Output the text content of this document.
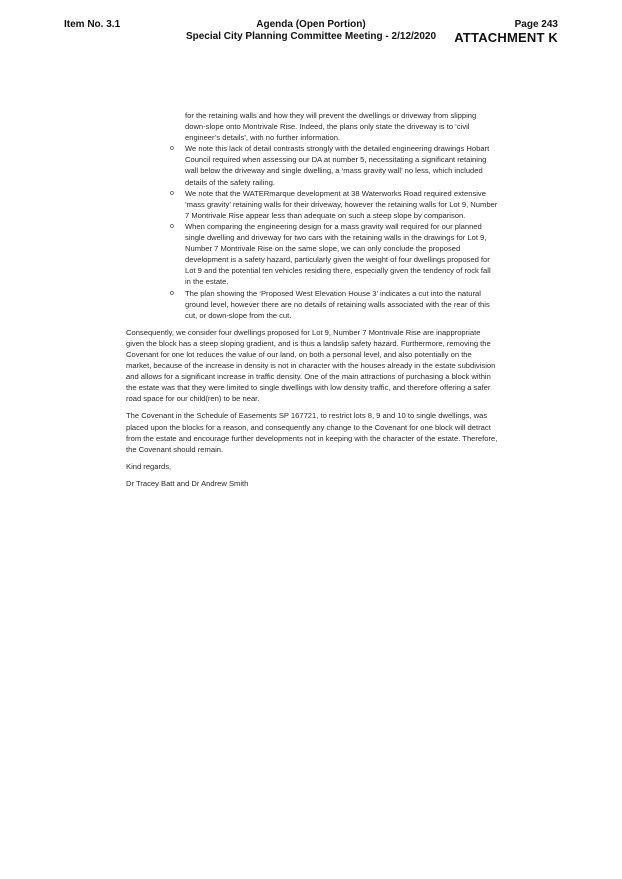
Item No. 3.1	Agenda (Open Portion)
Special City Planning Committee Meeting - 2/12/2020
Page 243
ATTACHMENT K

for the retaining walls and how they will prevent the dwellings or driveway from slipping down-slope onto Montrivale Rise. Indeed, the plans only state the driveway is to ‘civil engineer’s details’, with no further information.

o We note this lack of detail contrasts strongly with the detailed engineering drawings Hobart Council required when assessing our DA at number 5, necessitating a significant retaining wall below the driveway and single dwelling, a ‘mass gravity wall’ no less, which included details of the safety railing.
o We note that the WATERmarque development at 38 Waterworks Road required extensive ‘mass gravity’ retaining walls for their driveway, however the retaining walls for Lot 9, Number 7 Montrivale Rise appear less than adequate on such a steep slope by comparison.
o When comparing the engineering design for a mass gravity wall required for our planned single dwelling and driveway for two cars with the retaining walls in the drawings for Lot 9, Number 7 Montrivale Rise on the same slope, we can only conclude the proposed development is a safety hazard, particularly given the weight of four dwellings proposed for Lot 9 and the potential ten vehicles residing there, especially given the tendency of rock fall in the estate.
o The plan showing the ‘Proposed West Elevation House 3’ indicates a cut into the natural ground level, however there are no details of retaining walls associated with the rear of this cut, or down-slope from the cut.

Consequently, we consider four dwellings proposed for Lot 9, Number 7 Montrivale Rise are inappropriate given the block has a steep sloping gradient, and is thus a landslip safety hazard. Furthermore, removing the Covenant for one lot reduces the value of our land, on both a personal level, and also potentially on the market, because of the increase in density is not in character with the houses already in the estate subdivision and allows for a significant increase in traffic density. One of the main attractions of purchasing a block within the estate was that they were limited to single dwellings with low density traffic, and therefore offering a safer road space for our child(ren) to be near.

The Covenant in the Schedule of Easements SP 167721, to restrict lots 8, 9 and 10 to single dwellings, was placed upon the blocks for a reason, and consequently any change to the Covenant for one block will detract from the estate and encourage further developments not in keeping with the character of the estate. Therefore, the Covenant should remain.

Kind regards,

Dr Tracey Batt and Dr Andrew Smith
